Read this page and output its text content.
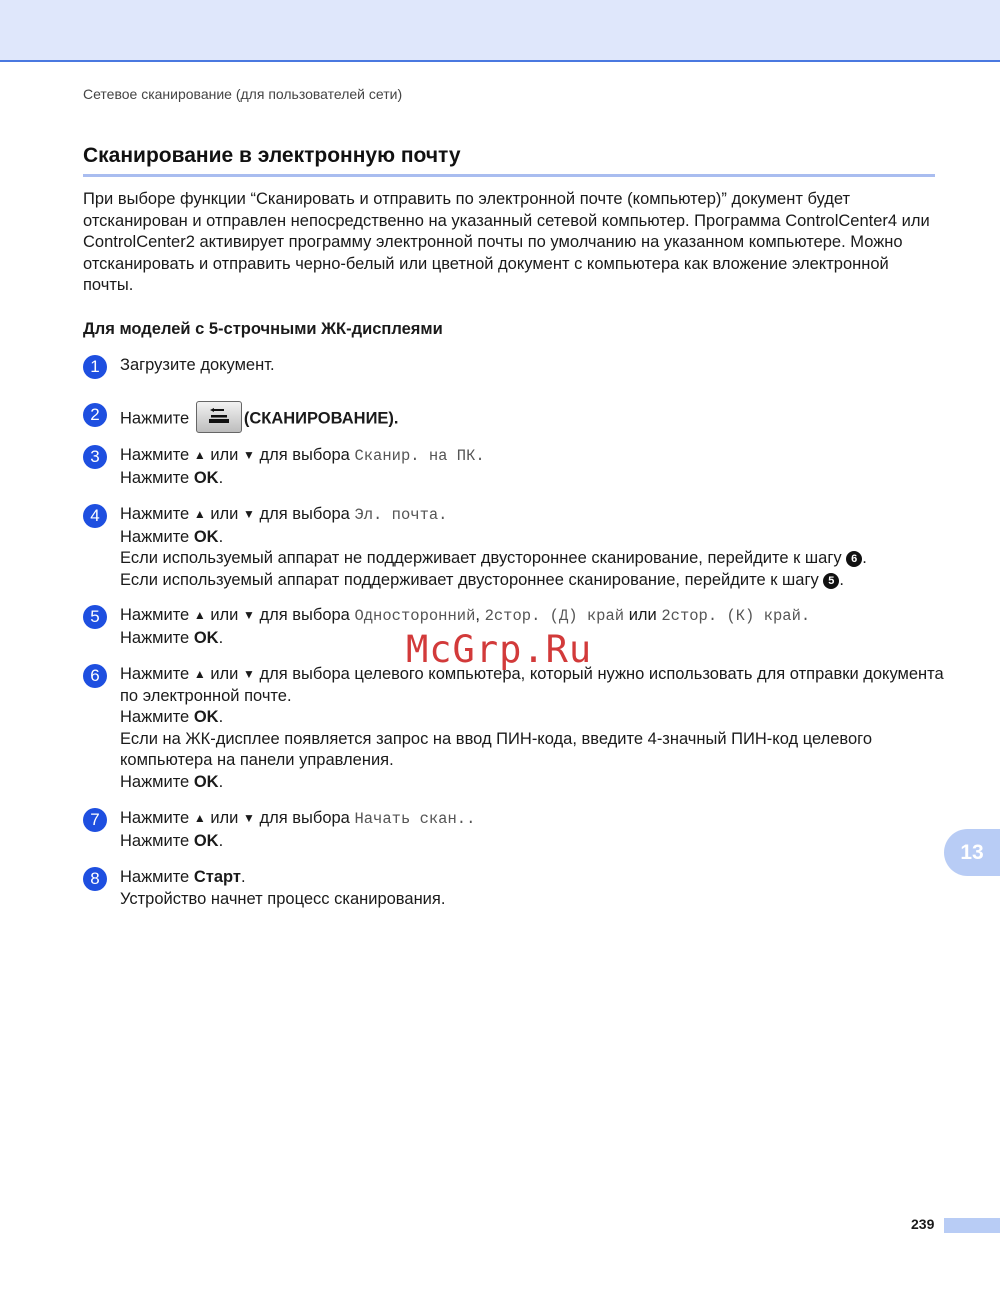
Сетевое сканирование (для пользователей сети)
Сканирование в электронную почту

При выборе функции “Сканировать и отправить по электронной почте (компьютер)” документ будет отсканирован и отправлен непосредственно на указанный сетевой компьютер. Программа ControlCenter4 или ControlCenter2 активирует программу электронной почты по умолчанию на указанном компьютере. Можно отсканировать и отправить черно-белый или цветной документ с компьютера как вложение электронной почты.

Для моделей с 5-строчными ЖК-дисплеями
1	Загрузите документ.
2	Нажмите	(СКАНИРОВАНИЕ).
3	Нажмите ▲ или ▼ для выбора Сканир. на ПК.
Нажмите OK.
4	Нажмите ▲ или ▼ для выбора Эл. почта.
Нажмите OK.
Если используемый аппарат не поддерживает двустороннее сканирование, перейдите к шагу 6 .
Если используемый аппарат поддерживает двустороннее сканирование, перейдите к шагу 5 .
5	Нажмите ▲ или ▼ для выбора Односторонний, 2стор. (Д) край или 2стор. (К) край.
Нажмите OK.
6	Нажмите ▲ или ▼ для выбора целевого компьютера, который нужно использовать для отправки документа по электронной почте.
Нажмите OK.
Если на ЖК-дисплее появляется запрос на ввод ПИН-кода, введите 4-значный ПИН-код целевого компьютера на панели управления.
Нажмите OK.
7	Нажмите ▲ или ▼ для выбора Начать скан..
Нажмите OK.
8	Нажмите Старт.
Устройство начнет процесс сканирования.
McGrp.Ru
13
239
